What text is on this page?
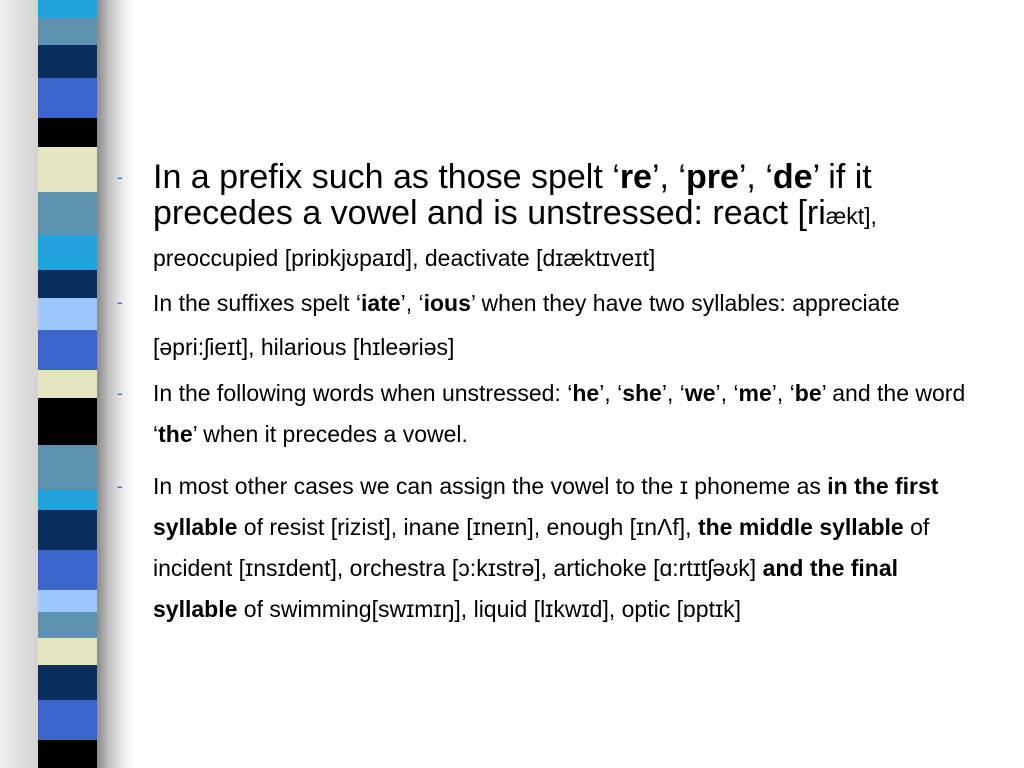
- In a prefix such as those spelt ‘re’, ‘pre’, ‘de’ if it precedes a vowel and is unstressed: react [riækt], preoccupied [priɒkjʊpaɪd], deactivate [dɪæktɪveɪt]
- In the suffixes spelt ‘iate’, ‘ious’ when they have two syllables: appreciate [əpri:ʃieɪt], hilarious [hɪleəriəs]
- In the following words when unstressed: ‘he’, ‘she’, ‘we’, ‘me’, ‘be’ and the word ‘the’ when it precedes a vowel.
- In most other cases we can assign the vowel to the ɪ phoneme as in the first syllable of resist [rizist], inane [ɪneɪn], enough [ɪnΛf], the middle syllable of incident [ɪnsɪdent], orchestra [ɔ:kɪstrə], artichoke [ɑ:rtɪtʃəʊk] and the final syllable of swimming[swɪmɪŋ], liquid [lɪkwɪd], optic [ɒptɪk]
